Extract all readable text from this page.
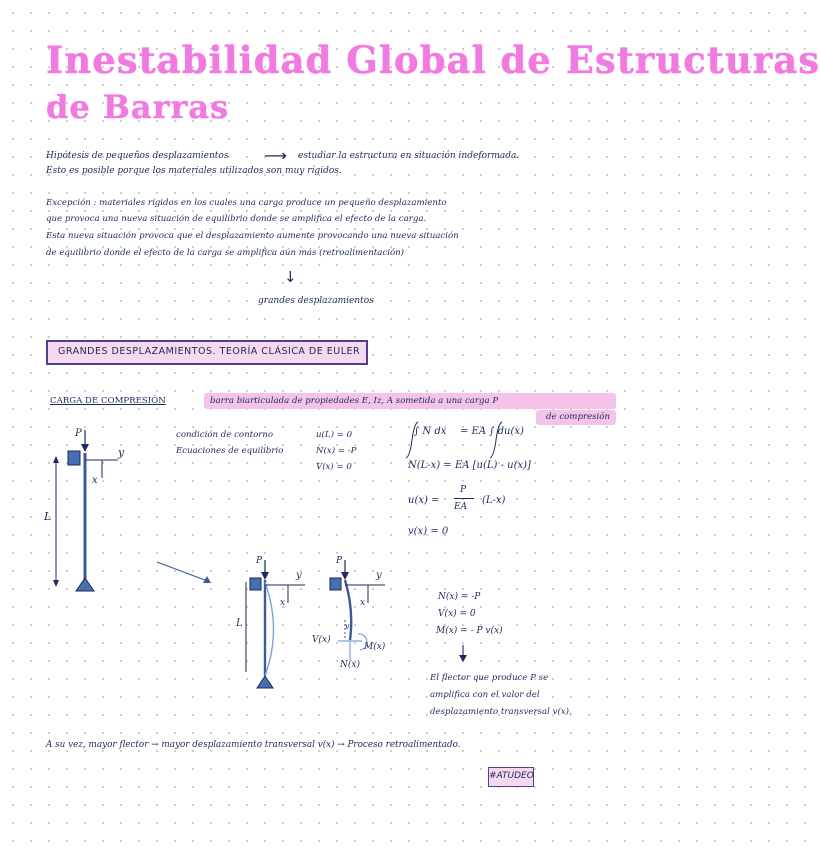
Inestabilidad Global de Estructuras
de Barras
Hipótesis de pequeños desplazamientos ⟶ estudiar la estructura en situación indeformada.
Esto es posible porque los materiales utilizados son muy rígidos.
Excepción : materiales rígidos en los cuales una carga produce un pequeño desplazamiento
que provoca una nueva situación de equilibrio donde se amplifica el efecto de la carga.
Esta nueva situación provoca que el desplazamiento aumente provocando una nueva situación
de equilibrio donde el efecto de la carga se amplifica aún más (retroalimentación)
↓
grandes desplazamientos
GRANDES DESPLAZAMIENTOS. TEORÍA CLÁSICA DE EULER
CARGA DE COMPRESIÓN	barra biarticulada de propiedades E, Iz, A sometida a una carga P
de compresión
condición de contorno	u(L) = 0
Ecuaciones de equilibrio	N(x) = -P
V(x) = 0
∫ N dx = EA ∫ du(x)
N(L-x) = EA [u(L) - u(x)]
u(x) =
P
EA
(L-x)
v(x) = 0
P
y
x
L
P
y
x
L
P
y
x
v
V(x)
M(x)
N(x)
N(x) = -P
V(x) = 0
M(x) = - P v(x)
El flector que produce P se
amplifica con el valor del
desplazamiento transversal v(x).
A su vez, mayor flector → mayor desplazamiento transversal v(x) → Proceso retroalimentado.
#ATUDEO
